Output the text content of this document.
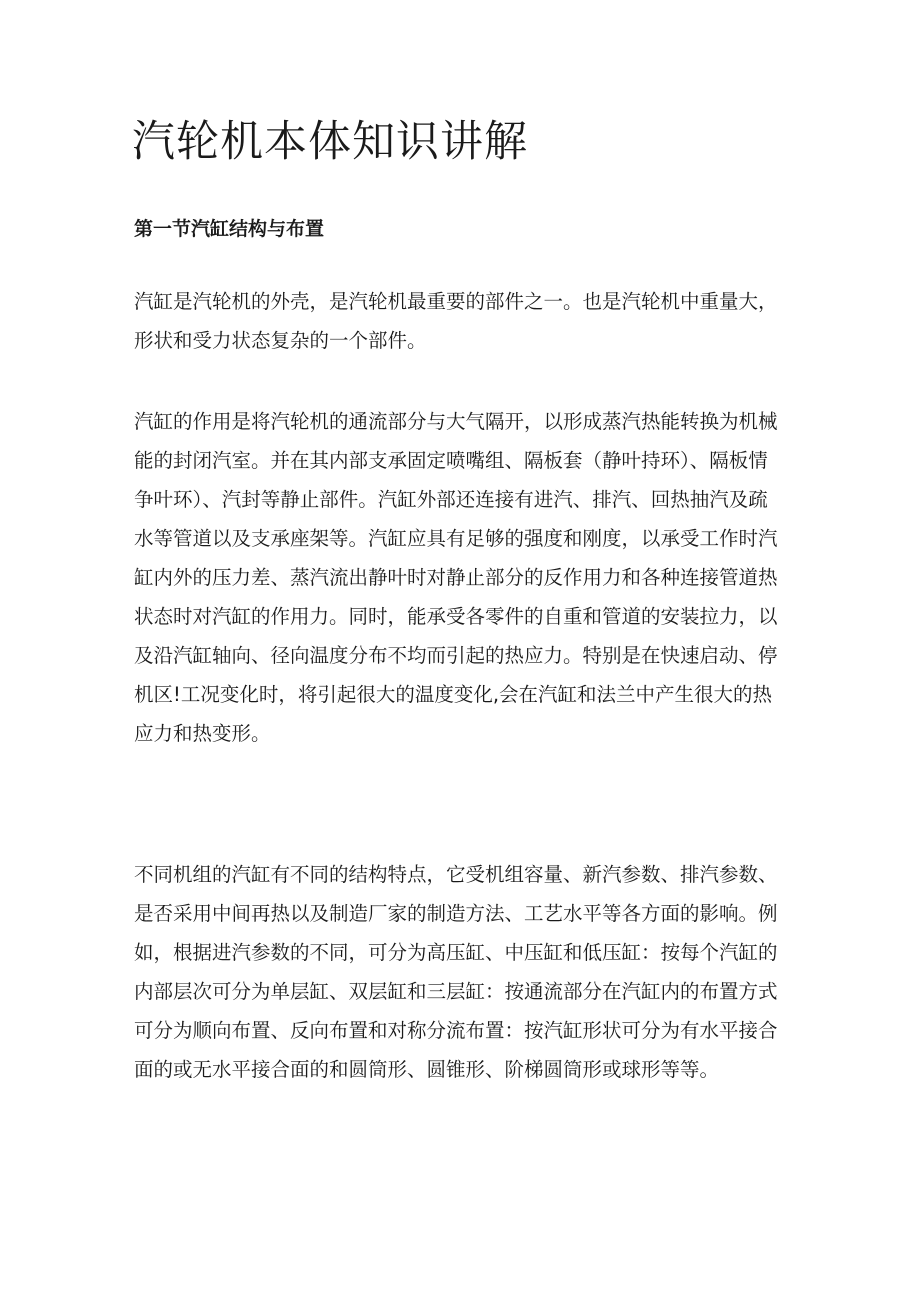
汽轮机本体知识讲解
第一节汽缸结构与布置

汽缸是汽轮机的外壳，是汽轮机最重要的部件之一。也是汽轮机中重量大，
形状和受力状态复杂的一个部件。

汽缸的作用是将汽轮机的通流部分与大气隔开，以形成蒸汽热能转换为机械
能的封闭汽室。并在其内部支承固定喷嘴组、隔板套（静叶持环）、隔板情
争叶环）、汽封等静止部件。汽缸外部还连接有进汽、排汽、回热抽汽及疏
水等管道以及支承座架等。汽缸应具有足够的强度和刚度，以承受工作时汽
缸内外的压力差、蒸汽流出静叶时对静止部分的反作用力和各种连接管道热
状态时对汽缸的作用力。同时，能承受各零件的自重和管道的安装拉力，以
及沿汽缸轴向、径向温度分布不均而引起的热应力。特别是在快速启动、停
机区!工况变化时，将引起很大的温度变化,会在汽缸和法兰中产生很大的热
应力和热变形。

不同机组的汽缸有不同的结构特点，它受机组容量、新汽参数、排汽参数、
是否采用中间再热以及制造厂家的制造方法、工艺水平等各方面的影响。例
如，根据进汽参数的不同，可分为高压缸、中压缸和低压缸：按每个汽缸的
内部层次可分为单层缸、双层缸和三层缸：按通流部分在汽缸内的布置方式
可分为顺向布置、反向布置和对称分流布置：按汽缸形状可分为有水平接合
面的或无水平接合面的和圆筒形、圆锥形、阶梯圆筒形或球形等等。
